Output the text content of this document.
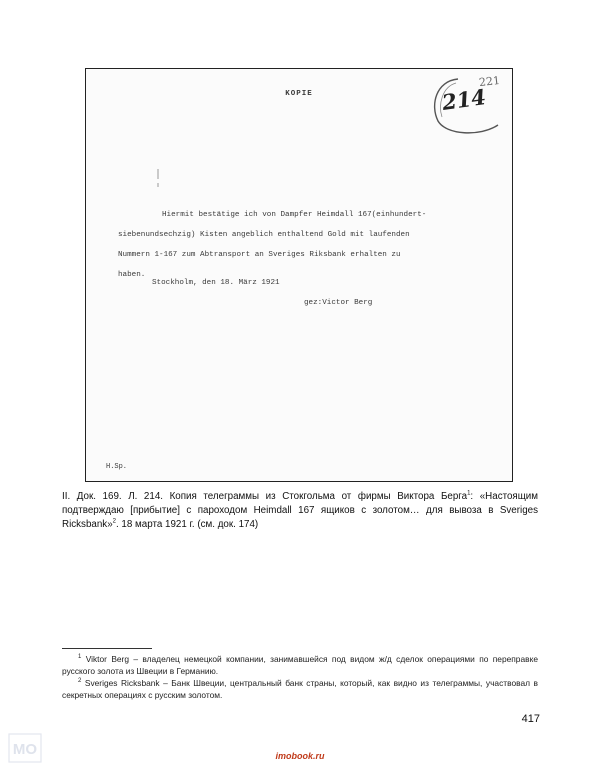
KOPIE
221
214
Hiermit bestätige ich von Dampfer Heimdall 167(einhundert-
siebenundsechzig) Kisten angeblich enthaltend Gold mit laufenden
Nummern 1-167 zum Abtransport an Sveriges Riksbank erhalten zu
haben.
Stockholm, den 18. März 1921
gez:Victor Berg
H.Sp.
II. Док. 169. Л. 214. Копия телеграммы из Стокгольма от фирмы Виктора Берга$^1$: «Настоящим подтверждаю [прибытие] с пароходом Heimdall 167 ящиков с золотом… для вывоза в Sveriges Ricksbank»$^2$. 18 марта 1921 г. (см. док. 174)

$^1$ Viktor Berg – владелец немецкой компании, занимавшейся под видом ж/д сделок операциями по переправке русского золота из Швеции в Германию.

$^2$ Sveriges Ricksbank – Банк Швеции, центральный банк страны, который, как видно из телеграммы, участвовал в секретных операциях с русским золотом.

417
MO	imobook.ru
